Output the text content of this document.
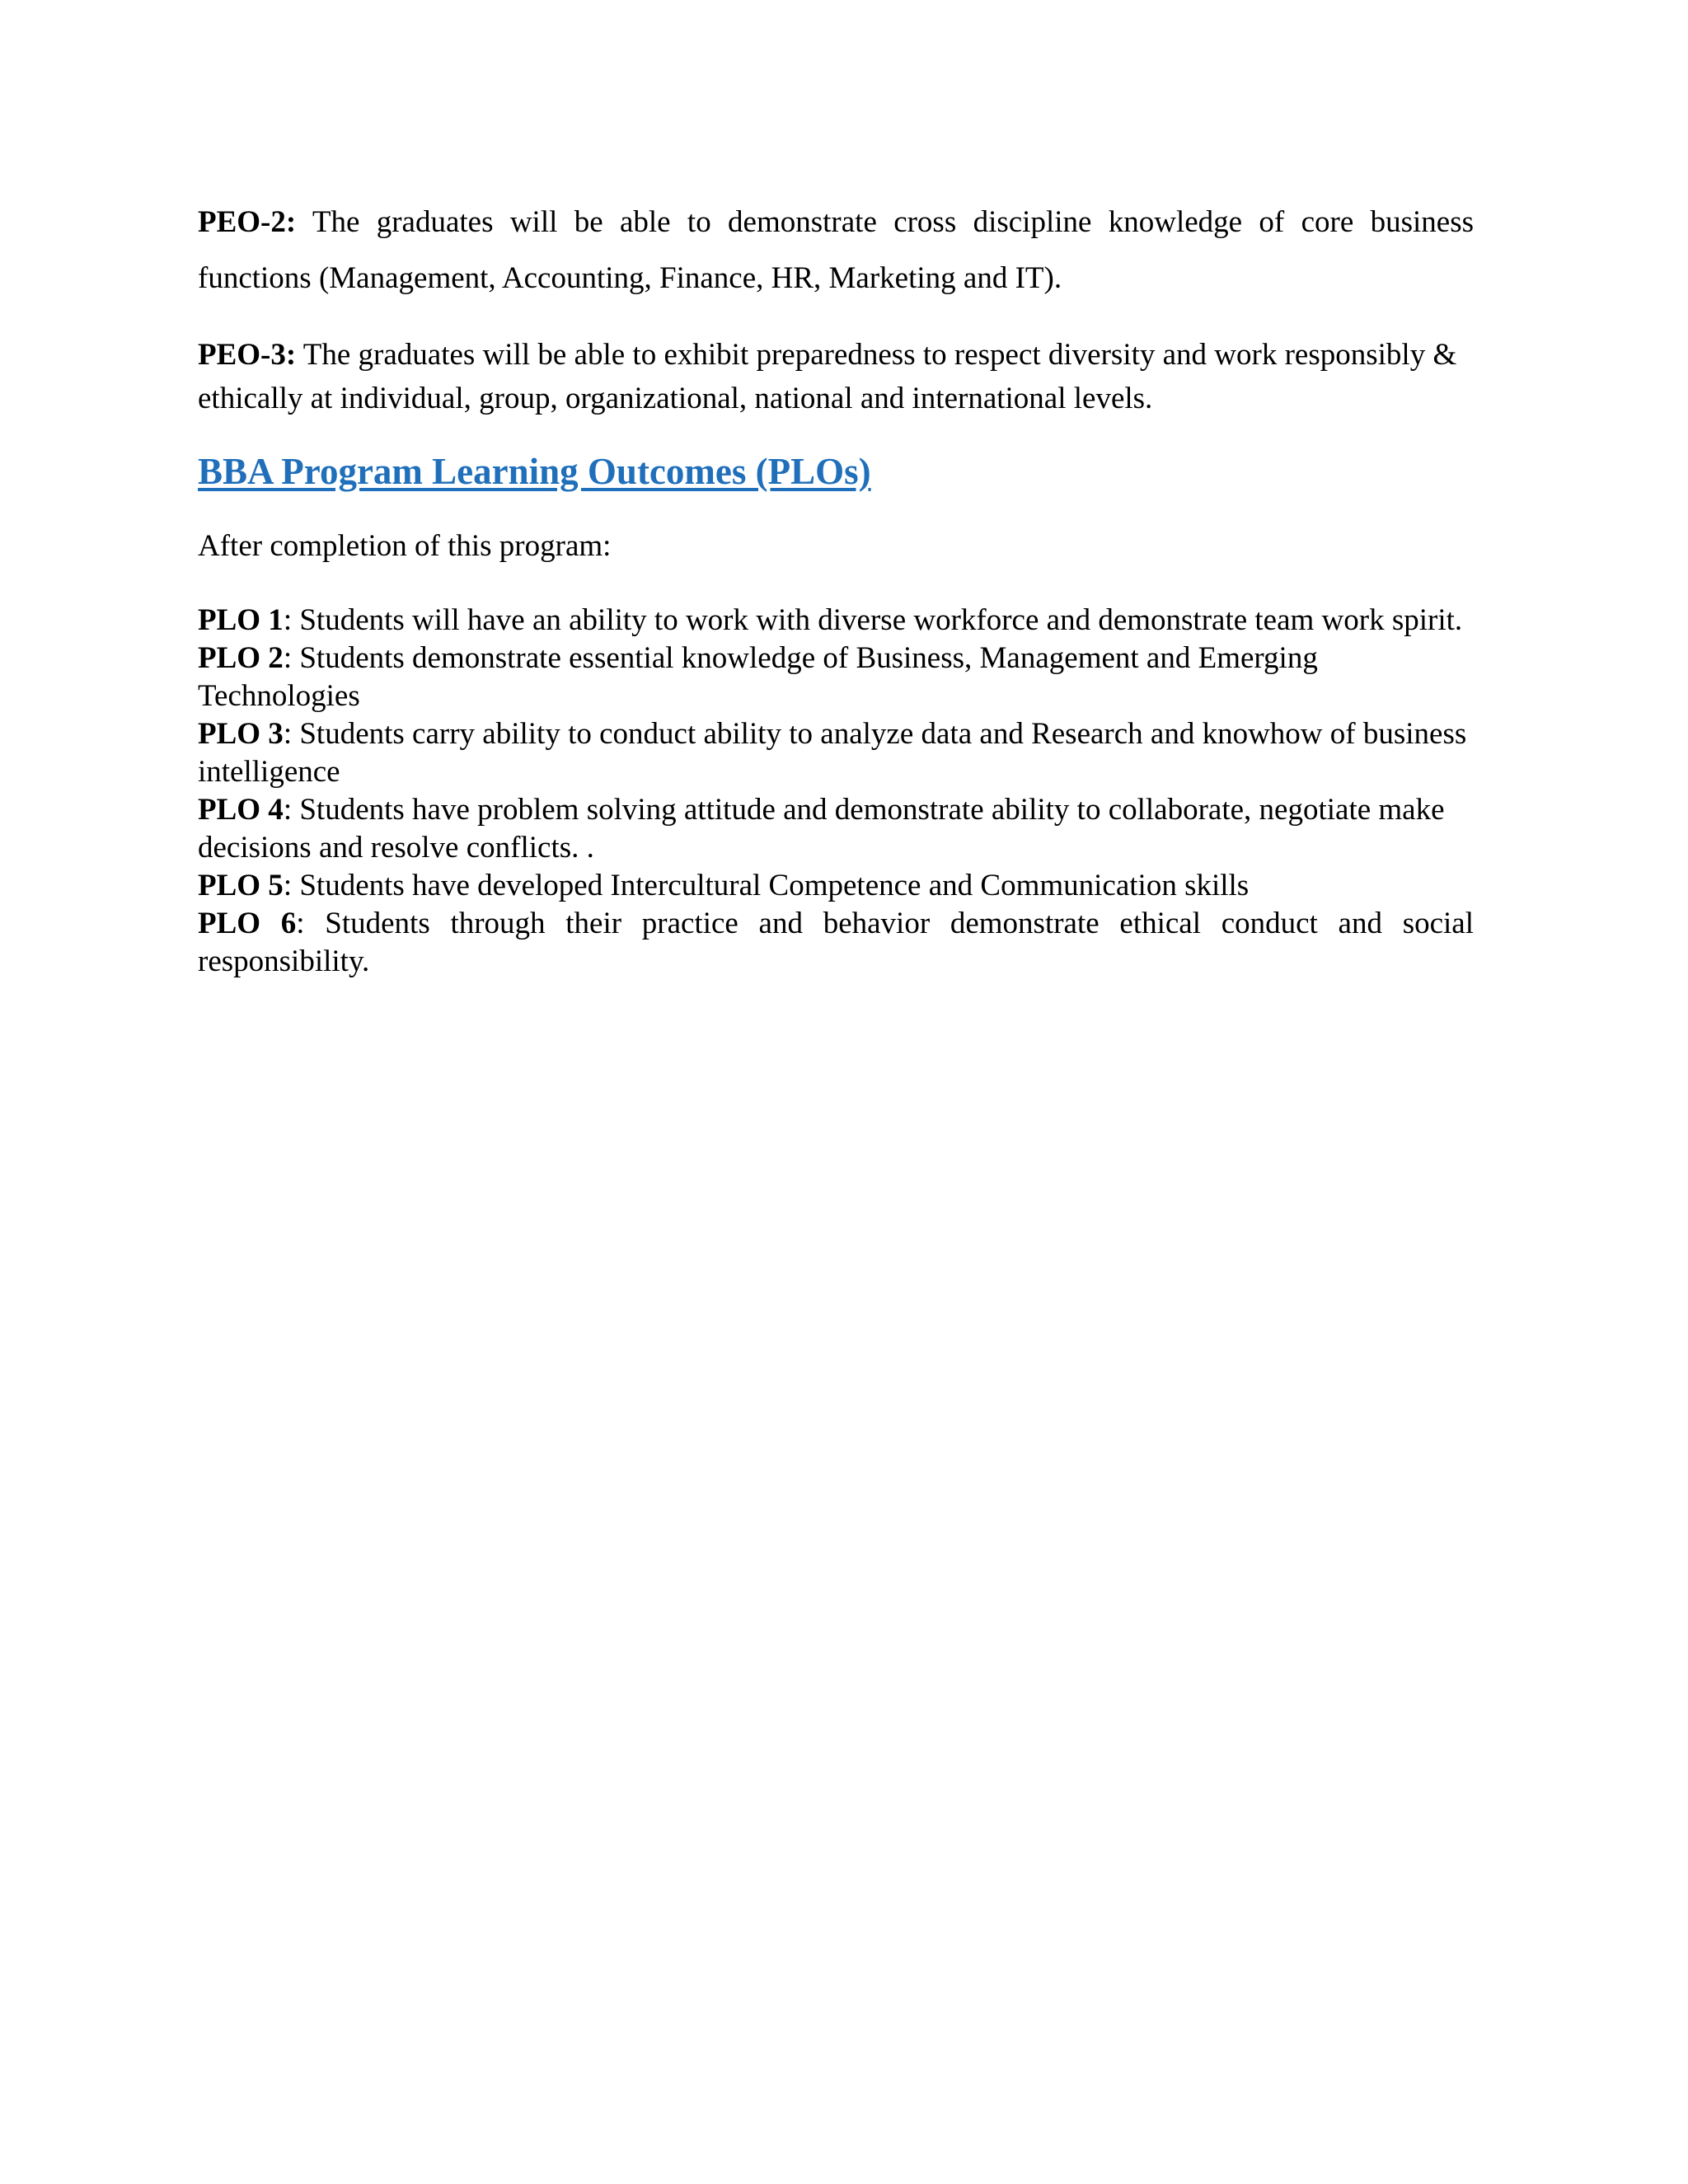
PEO-2: The graduates will be able to demonstrate cross discipline knowledge of core business functions (Management, Accounting, Finance, HR, Marketing and IT).

PEO-3: The graduates will be able to exhibit preparedness to respect diversity and work responsibly & ethically at individual, group, organizational, national and international levels.

BBA Program Learning Outcomes (PLOs)

After completion of this program:

PLO 1: Students will have an ability to work with diverse workforce and demonstrate team work spirit.
PLO 2: Students demonstrate essential knowledge of Business, Management and Emerging Technologies
PLO 3: Students carry ability to conduct ability to analyze data and Research and knowhow of business intelligence
PLO 4: Students have problem solving attitude and demonstrate ability to collaborate, negotiate make decisions and resolve conflicts. .
PLO 5: Students have developed Intercultural Competence and Communication skills
PLO 6: Students through their practice and behavior demonstrate ethical conduct and social responsibility.
